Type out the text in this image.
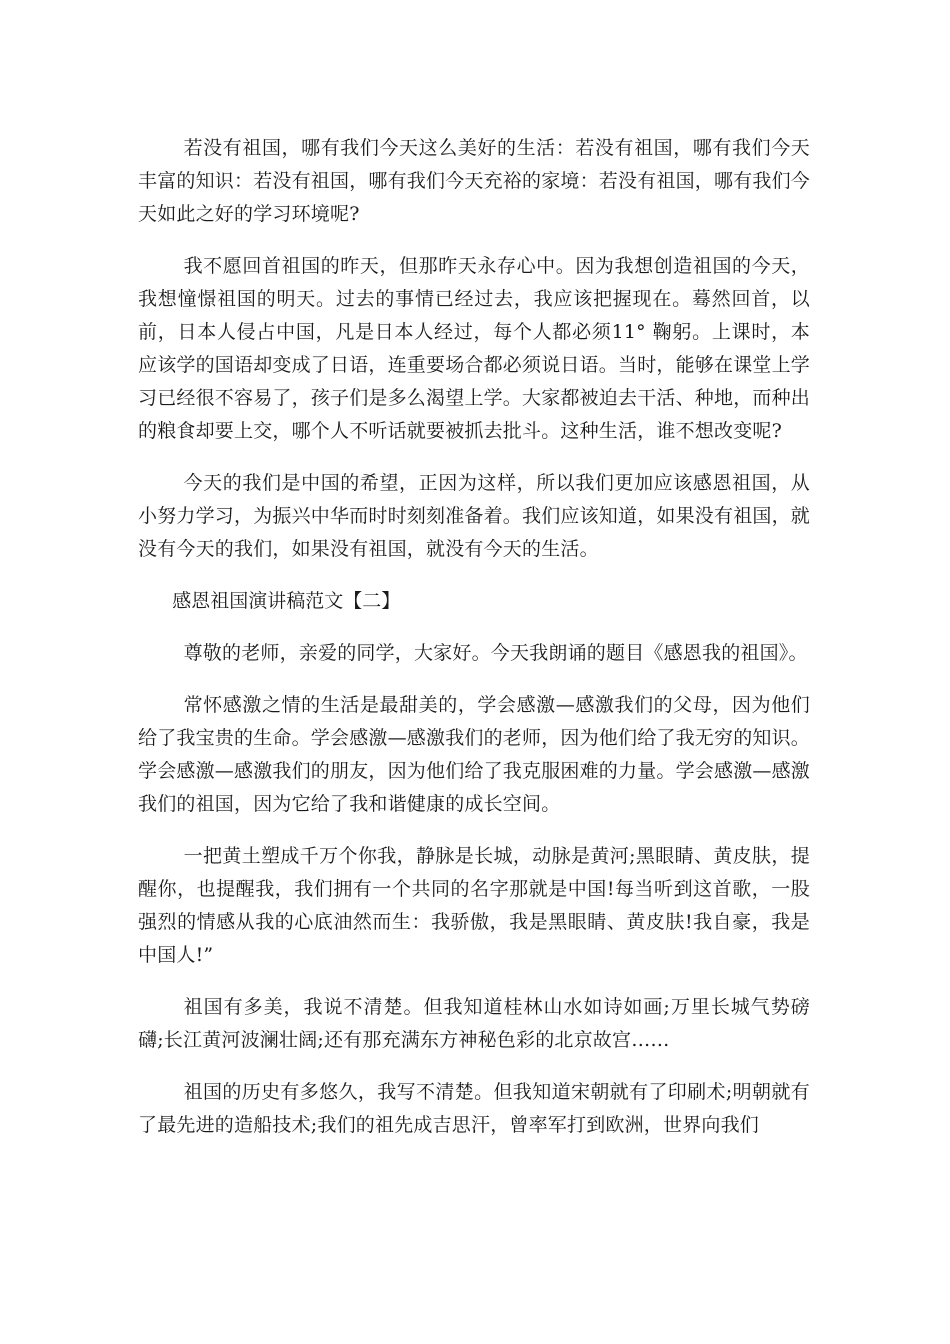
若没有祖国，哪有我们今天这么美好的生活：若没有祖国，哪有我们今天丰富的知识：若没有祖国，哪有我们今天充裕的家境：若没有祖国，哪有我们今天如此之好的学习环境呢?

我不愿回首祖国的昨天，但那昨天永存心中。因为我想创造祖国的今天，我想憧憬祖国的明天。过去的事情已经过去，我应该把握现在。蓦然回首，以前，日本人侵占中国，凡是日本人经过，每个人都必须11° 鞠躬。上课时，本应该学的国语却变成了日语，连重要场合都必须说日语。当时，能够在课堂上学习已经很不容易了，孩子们是多么渴望上学。大家都被迫去干活、种地，而种出的粮食却要上交，哪个人不听话就要被抓去批斗。这种生活，谁不想改变呢?

今天的我们是中国的希望，正因为这样，所以我们更加应该感恩祖国，从小努力学习，为振兴中华而时时刻刻准备着。我们应该知道，如果没有祖国，就没有今天的我们，如果没有祖国，就没有今天的生活。

感恩祖国演讲稿范文【二】

尊敬的老师，亲爱的同学，大家好。今天我朗诵的题目《感恩我的祖国》。

常怀感激之情的生活是最甜美的，学会感激—感激我们的父母，因为他们给了我宝贵的生命。学会感激—感激我们的老师，因为他们给了我无穷的知识。学会感激—感激我们的朋友，因为他们给了我克服困难的力量。学会感激—感激我们的祖国，因为它给了我和谐健康的成长空间。

一把黄土塑成千万个你我，静脉是长城，动脉是黄河;黑眼睛、黄皮肤，提醒你，也提醒我，我们拥有一个共同的名字那就是中国!每当听到这首歌，一股强烈的情感从我的心底油然而生：我骄傲，我是黑眼睛、黄皮肤!我自豪，我是中国人!”

祖国有多美，我说不清楚。但我知道桂林山水如诗如画;万里长城气势磅礴;长江黄河波澜壮阔;还有那充满东方神秘色彩的北京故宫……

祖国的历史有多悠久，我写不清楚。但我知道宋朝就有了印刷术;明朝就有了最先进的造船技术;我们的祖先成吉思汗，曾率军打到欧洲，世界向我们
